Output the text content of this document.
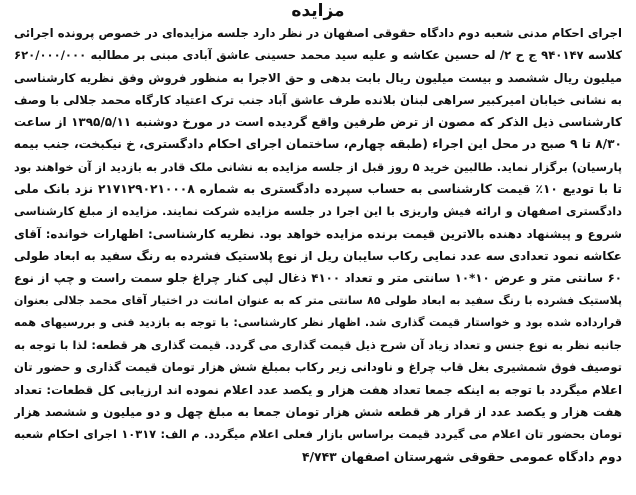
مزایده
اجرای احکام مدنی شعبه دوم دادگاه حقوقی اصفهان در نظر دارد جلسه مزایده‌ای در خصوص پرونده اجرائی
کلاسه ۹۴۰۱۴۷ ج ح ۲/ له حسین عکاشه و علیه سید محمد حسینی عاشق آبادی مبنی بر مطالبه ۶۲۰/۰۰۰/۰۰۰
میلیون ریال ششصد و بیست میلیون ریال بابت بدهی و حق الاجرا به منظور فروش وفق نظریه کارشناسی
به نشانی خیابان امیرکبیر سراهی لبنان بلانده طرف عاشق آباد جنب ترک اعتیاد کارگاه محمد جلالی با وصف
کارشناسی ذیل الذکر که مصون از ترض طرفین واقع گردیده است در مورخ دوشنبه ۱۳۹۵/۵/۱۱ از ساعت
۸/۳۰ تا ۹ صبح در محل این اجراء (طبقه چهارم، ساختمان اجرای احکام دادگستری، خ نیکبخت، جنب بیمه
پارسیان) برگزار نماید. طالبین خرید ۵ روز قبل از جلسه مزایده به نشانی ملک قادر به بازدید از آن خواهند بود
تا با تودیع ۱۰٪ قیمت کارشناسی به حساب سپرده دادگستری به شماره ۲۱۷۱۲۹۰۲۱۰۰۰۸ نزد بانک ملی
دادگستری اصفهان و ارائه فیش واریزی با این اجرا در جلسه مزایده شرکت نمایند. مزایده از مبلغ کارشناسی
شروع و پیشنهاد دهنده بالاترین قیمت برنده مزایده خواهد بود. نظریه کارشناسی: اظهارات خوانده: آقای
عکاشه نمود تعدادی سه عدد نمایی رکاب سایبان ریل از نوع پلاستیک فشرده به رنگ سفید به ابعاد طولی
۶۰ سانتی متر و عرض ۱۰*۱۰ سانتی متر و تعداد ۴۱۰۰ ذغال لپی کنار چراغ جلو سمت راست و چپ از نوع
پلاستیک فشرده با رنگ سفید به ابعاد طولی ۸۵ سانتی متر که به عنوان امانت در اختیار آقای محمد جلالی بعنوان
قرارداده شده بود و خواستار قیمت گذاری شد. اظهار نظر کارشناسی: با توجه به بازدید فنی و بررسیهای همه
جانبه نظر به نوع جنس و تعداد زیاد آن شرح ذیل قیمت گذاری می گردد. قیمت گذاری هر قطعه: لذا با توجه به
توصیف فوق شمشیری بغل قاب چراغ و ناودانی زیر رکاب بمبلغ شش هزار تومان قیمت گذاری و حضور تان
اعلام میگردد با توجه به اینکه جمعا تعداد هفت هزار و یکصد عدد اعلام نموده اند ارزیابی کل قطعات: تعداد
هفت هزار و یکصد عدد از قرار هر قطعه شش هزار تومان جمعا به مبلغ چهل و دو میلیون و ششصد هزار
تومان بحضور تان اعلام می گیردد قیمت براساس بازار فعلی اعلام میگردد. م الف: ۱۰۳۱۷ اجرای احکام شعبه
دوم دادگاه عمومی حقوقی شهرستان اصفهان ۴/۷۴۳
